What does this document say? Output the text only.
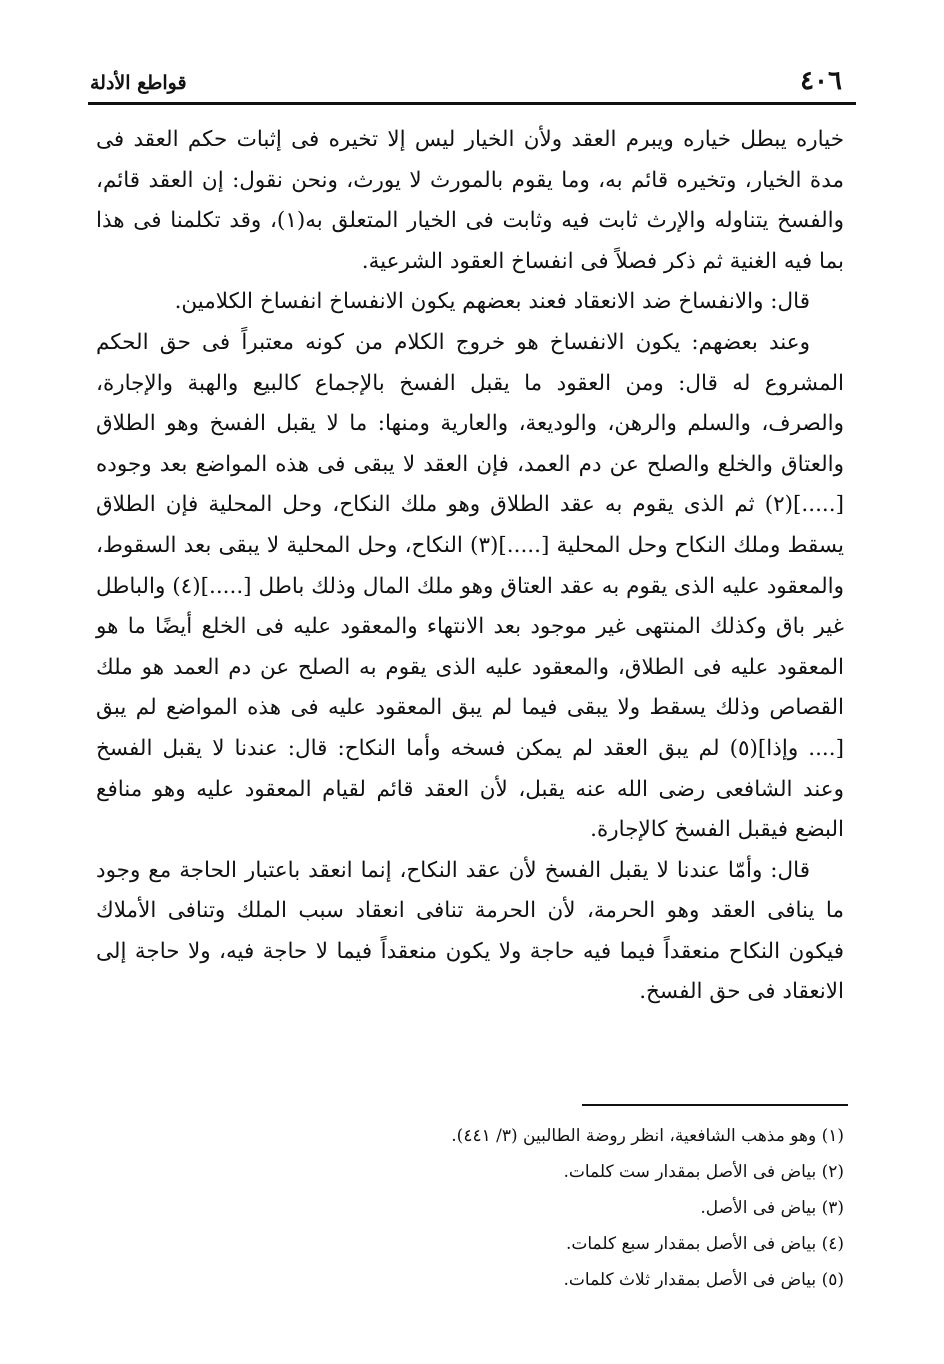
٤٠٦
قواطع الأدلة

خياره يبطل خياره ويبرم العقد ولأن الخيار ليس إلا تخيره فى إثبات حكم العقد فى مدة الخيار، وتخيره قائم به، وما يقوم بالمورث لا يورث، ونحن نقول: إن العقد قائم، والفسخ يتناوله والإرث ثابت فيه وثابت فى الخيار المتعلق به(١)، وقد تكلمنا فى هذا بما فيه الغنية ثم ذكر فصلاً فى انفساخ العقود الشرعية.

قال: والانفساخ ضد الانعقاد فعند بعضهم يكون الانفساخ انفساخ الكلامين.

وعند بعضهم: يكون الانفساخ هو خروج الكلام من كونه معتبراً فى حق الحكم المشروع له قال: ومن العقود ما يقبل الفسخ بالإجماع كالبيع والهبة والإجارة، والصرف، والسلم والرهن، والوديعة، والعارية ومنها: ما لا يقبل الفسخ وهو الطلاق والعتاق والخلع والصلح عن دم العمد، فإن العقد لا يبقى فى هذه المواضع بعد وجوده [.....](٢) ثم الذى يقوم به عقد الطلاق وهو ملك النكاح، وحل المحلية فإن الطلاق يسقط وملك النكاح وحل المحلية [.....](٣) النكاح، وحل المحلية لا يبقى بعد السقوط، والمعقود عليه الذى يقوم به عقد العتاق وهو ملك المال وذلك باطل [.....](٤) والباطل غير باق وكذلك المنتهى غير موجود بعد الانتهاء والمعقود عليه فى الخلع أيضًا ما هو المعقود عليه فى الطلاق، والمعقود عليه الذى يقوم به الصلح عن دم العمد هو ملك القصاص وذلك يسقط ولا يبقى فيما لم يبق المعقود عليه فى هذه المواضع لم يبق [.... وإذا](٥) لم يبق العقد لم يمكن فسخه وأما النكاح: قال: عندنا لا يقبل الفسخ وعند الشافعى رضى الله عنه يقبل، لأن العقد قائم لقيام المعقود عليه وهو منافع البضع فيقبل الفسخ كالإجارة.

قال: وأمّا عندنا لا يقبل الفسخ لأن عقد النكاح، إنما انعقد باعتبار الحاجة مع وجود ما ينافى العقد وهو الحرمة، لأن الحرمة تنافى انعقاد سبب الملك وتنافى الأملاك فيكون النكاح منعقداً فيما فيه حاجة ولا يكون منعقداً فيما لا حاجة فيه، ولا حاجة إلى الانعقاد فى حق الفسخ.

(١) وهو مذهب الشافعية، انظر روضة الطالبين (٣/ ٤٤١).

(٢) بياض فى الأصل بمقدار ست كلمات.

(٣) بياض فى الأصل.

(٤) بياض فى الأصل بمقدار سبع كلمات.

(٥) بياض فى الأصل بمقدار ثلاث كلمات.
